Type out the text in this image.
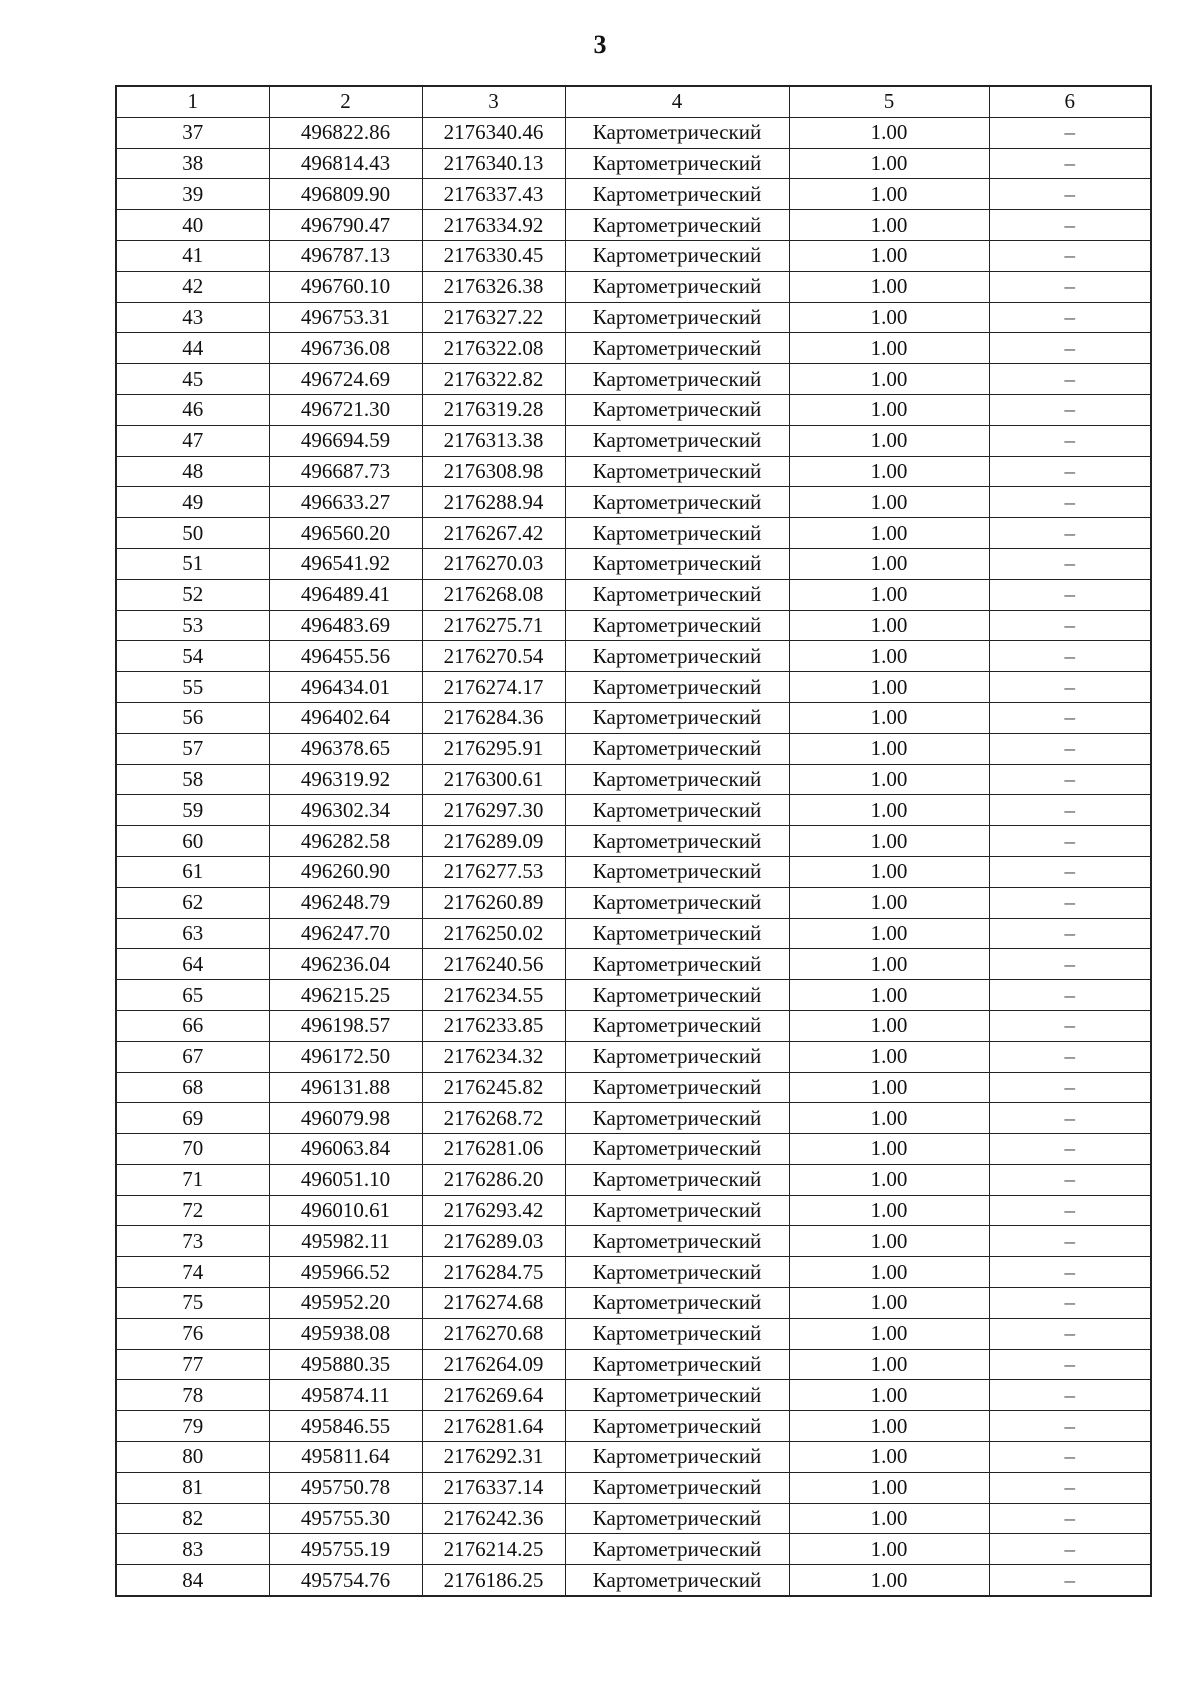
3
1	2	3	4	5	6
37	496822.86	2176340.46	Картометрический	1.00	–
38	496814.43	2176340.13	Картометрический	1.00	–
39	496809.90	2176337.43	Картометрический	1.00	–
40	496790.47	2176334.92	Картометрический	1.00	–
41	496787.13	2176330.45	Картометрический	1.00	–
42	496760.10	2176326.38	Картометрический	1.00	–
43	496753.31	2176327.22	Картометрический	1.00	–
44	496736.08	2176322.08	Картометрический	1.00	–
45	496724.69	2176322.82	Картометрический	1.00	–
46	496721.30	2176319.28	Картометрический	1.00	–
47	496694.59	2176313.38	Картометрический	1.00	–
48	496687.73	2176308.98	Картометрический	1.00	–
49	496633.27	2176288.94	Картометрический	1.00	–
50	496560.20	2176267.42	Картометрический	1.00	–
51	496541.92	2176270.03	Картометрический	1.00	–
52	496489.41	2176268.08	Картометрический	1.00	–
53	496483.69	2176275.71	Картометрический	1.00	–
54	496455.56	2176270.54	Картометрический	1.00	–
55	496434.01	2176274.17	Картометрический	1.00	–
56	496402.64	2176284.36	Картометрический	1.00	–
57	496378.65	2176295.91	Картометрический	1.00	–
58	496319.92	2176300.61	Картометрический	1.00	–
59	496302.34	2176297.30	Картометрический	1.00	–
60	496282.58	2176289.09	Картометрический	1.00	–
61	496260.90	2176277.53	Картометрический	1.00	–
62	496248.79	2176260.89	Картометрический	1.00	–
63	496247.70	2176250.02	Картометрический	1.00	–
64	496236.04	2176240.56	Картометрический	1.00	–
65	496215.25	2176234.55	Картометрический	1.00	–
66	496198.57	2176233.85	Картометрический	1.00	–
67	496172.50	2176234.32	Картометрический	1.00	–
68	496131.88	2176245.82	Картометрический	1.00	–
69	496079.98	2176268.72	Картометрический	1.00	–
70	496063.84	2176281.06	Картометрический	1.00	–
71	496051.10	2176286.20	Картометрический	1.00	–
72	496010.61	2176293.42	Картометрический	1.00	–
73	495982.11	2176289.03	Картометрический	1.00	–
74	495966.52	2176284.75	Картометрический	1.00	–
75	495952.20	2176274.68	Картометрический	1.00	–
76	495938.08	2176270.68	Картометрический	1.00	–
77	495880.35	2176264.09	Картометрический	1.00	–
78	495874.11	2176269.64	Картометрический	1.00	–
79	495846.55	2176281.64	Картометрический	1.00	–
80	495811.64	2176292.31	Картометрический	1.00	–
81	495750.78	2176337.14	Картометрический	1.00	–
82	495755.30	2176242.36	Картометрический	1.00	–
83	495755.19	2176214.25	Картометрический	1.00	–
84	495754.76	2176186.25	Картометрический	1.00	–
